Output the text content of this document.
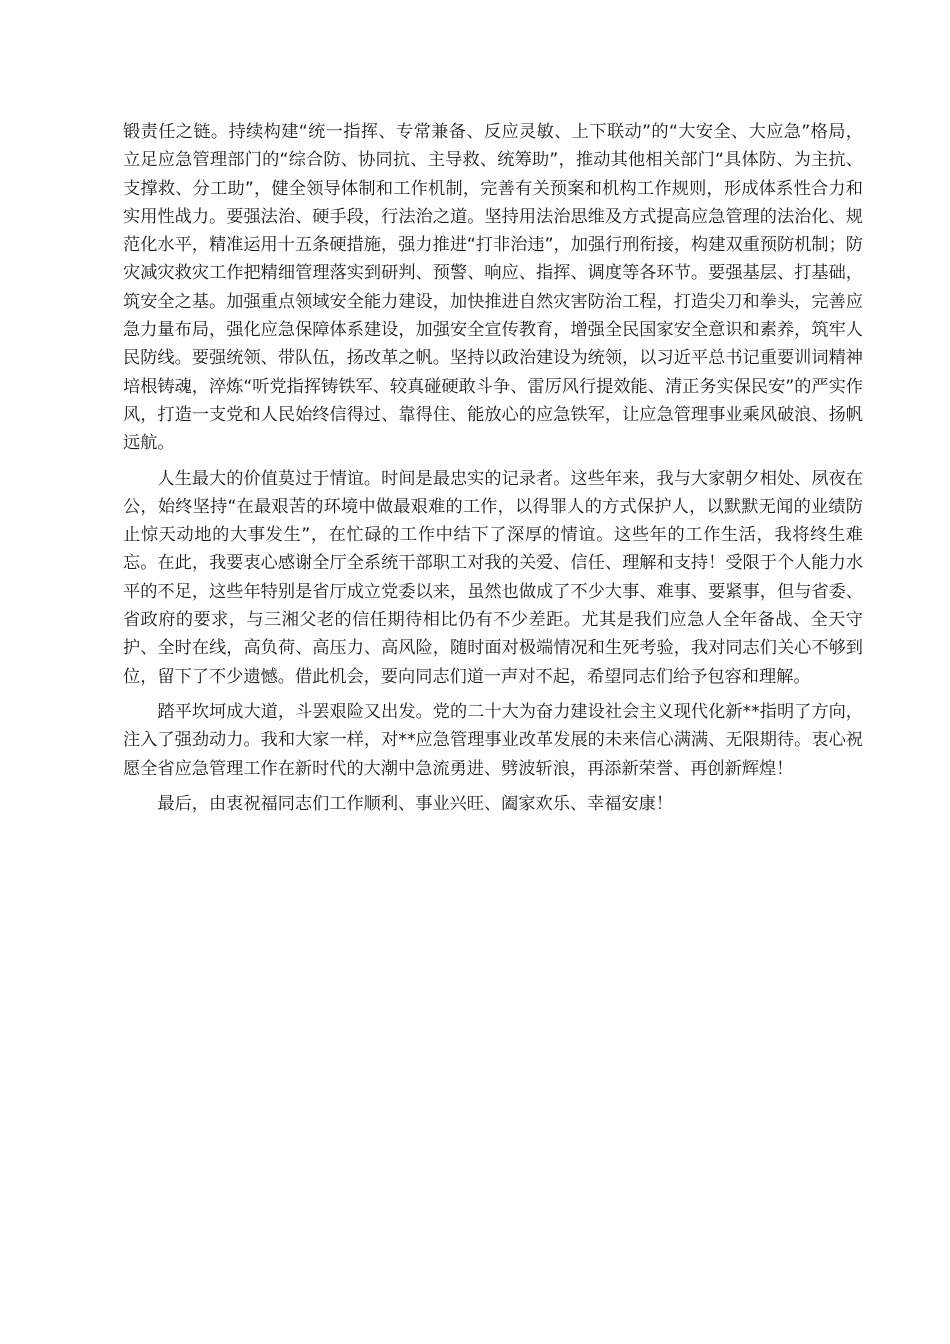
锻责任之链。持续构建“统一指挥、专常兼备、反应灵敏、上下联动”的“大安全、大应急”格局，立足应急管理部门的“综合防、协同抗、主导救、统筹助”，推动其他相关部门“具体防、为主抗、支撑救、分工助”，健全领导体制和工作机制，完善有关预案和机构工作规则，形成体系性合力和实用性战力。要强法治、硬手段，行法治之道。坚持用法治思维及方式提高应急管理的法治化、规范化水平，精准运用十五条硬措施，强力推进“打非治违”，加强行刑衔接，构建双重预防机制；防灾减灾救灾工作把精细管理落实到研判、预警、响应、指挥、调度等各环节。要强基层、打基础，筑安全之基。加强重点领域安全能力建设，加快推进自然灾害防治工程，打造尖刀和拳头，完善应急力量布局，强化应急保障体系建设，加强安全宣传教育，增强全民国家安全意识和素养，筑牢人民防线。要强统领、带队伍，扬改革之帆。坚持以政治建设为统领，以习近平总书记重要训词精神培根铸魂，淬炼“听党指挥铸铁军、较真碰硬敢斗争、雷厉风行提效能、清正务实保民安”的严实作风，打造一支党和人民始终信得过、靠得住、能放心的应急铁军，让应急管理事业乘风破浪、扬帆远航。

人生最大的价值莫过于情谊。时间是最忠实的记录者。这些年来，我与大家朝夕相处、夙夜在公，始终坚持“在最艰苦的环境中做最艰难的工作，以得罪人的方式保护人，以默默无闻的业绩防止惊天动地的大事发生”，在忙碌的工作中结下了深厚的情谊。这些年的工作生活，我将终生难忘。在此，我要衷心感谢全厅全系统干部职工对我的关爱、信任、理解和支持！受限于个人能力水平的不足，这些年特别是省厅成立党委以来，虽然也做成了不少大事、难事、要紧事，但与省委、省政府的要求，与三湘父老的信任期待相比仍有不少差距。尤其是我们应急人全年备战、全天守护、全时在线，高负荷、高压力、高风险，随时面对极端情况和生死考验，我对同志们关心不够到位，留下了不少遗憾。借此机会，要向同志们道一声对不起，希望同志们给予包容和理解。

踏平坎坷成大道，斗罢艰险又出发。党的二十大为奋力建设社会主义现代化新**指明了方向，注入了强劲动力。我和大家一样，对**应急管理事业改革发展的未来信心满满、无限期待。衷心祝愿全省应急管理工作在新时代的大潮中急流勇进、劈波斩浪，再添新荣誉、再创新辉煌！

最后，由衷祝福同志们工作顺利、事业兴旺、阖家欢乐、幸福安康！
